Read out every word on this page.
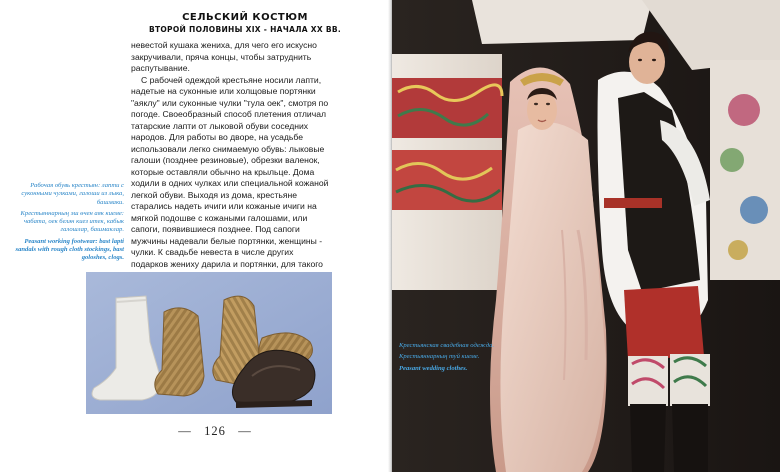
СЕЛЬСКИЙ КОСТЮМ
ВТОРОЙ ПОЛОВИНЫ XIX - НАЧАЛА XX ВВ.

невестой кушака жениха, для чего его искусно закручивали, пряча концы, чтобы затруднить распутывание.

С рабочей одеждой крестьяне носили лапти, надетые на суконные или холщовые портянки "аяклу" или суконные чулки "тула оек", смотря по погоде. Своеобразный способ плетения отличал татарские лапти от лыковой обуви соседних народов. Для работы во дворе, на усадьбе использовали легко снимаемую обувь: лыковые галоши (позднее резиновые), обрезки валенок, которые оставляли обычно на крыльце. Дома ходили в одних чулках или специальной кожаной легкой обуви. Выходя из дома, крестьяне старались надеть ичиги или кожаные ичиги на мягкой подошве с кожаными галошами, или сапоги, появившиеся позднее. Под сапоги мужчины надевали белые портянки, женщины - чулки. К свадьбе невеста в числе других подарков жениху дарила и портянки, для такого

Рабочая обувь крестьян: лапти с суконными чулками, галоши из лыка, башмаки.

Крестьяннарның эш өчен аяк киеме: чабата, оек белән киез итек, кабык галошлар, башмаклар.

Peasant working footwear: bast lapti sandals with rough cloth stockings, bast goloshes, clogs.

— 126 —

Крестьянская свадебная одежда.

Крестьяннарның туй киеме.

Peasant wedding clothes.
